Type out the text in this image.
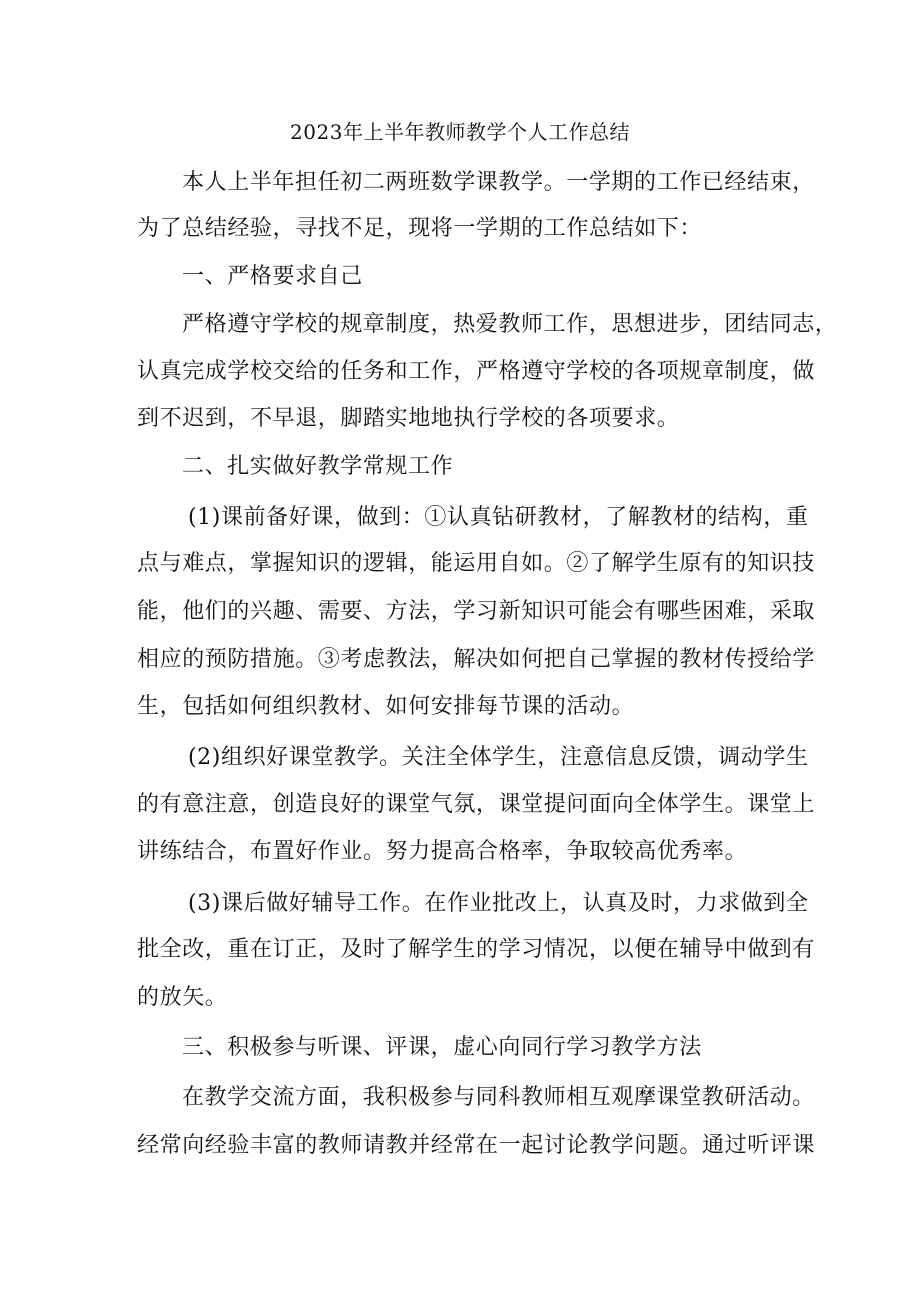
2023年上半年教师教学个人工作总结
本人上半年担任初二两班数学课教学。一学期的工作已经结束，
为了总结经验，寻找不足，现将一学期的工作总结如下：
一、严格要求自己
严格遵守学校的规章制度，热爱教师工作，思想进步，团结同志，
认真完成学校交给的任务和工作，严格遵守学校的各项规章制度，做
到不迟到，不早退，脚踏实地地执行学校的各项要求。
二、扎实做好教学常规工作
(1)课前备好课，做到：①认真钻研教材，了解教材的结构，重
点与难点，掌握知识的逻辑，能运用自如。②了解学生原有的知识技
能，他们的兴趣、需要、方法，学习新知识可能会有哪些困难，采取
相应的预防措施。③考虑教法，解决如何把自己掌握的教材传授给学
生，包括如何组织教材、如何安排每节课的活动。
(2)组织好课堂教学。关注全体学生，注意信息反馈，调动学生
的有意注意，创造良好的课堂气氛，课堂提问面向全体学生。课堂上
讲练结合，布置好作业。努力提高合格率，争取较高优秀率。
(3)课后做好辅导工作。在作业批改上，认真及时，力求做到全
批全改，重在订正，及时了解学生的学习情况，以便在辅导中做到有
的放矢。
三、积极参与听课、评课，虚心向同行学习教学方法
在教学交流方面，我积极参与同科教师相互观摩课堂教研活动。
经常向经验丰富的教师请教并经常在一起讨论教学问题。通过听评课
